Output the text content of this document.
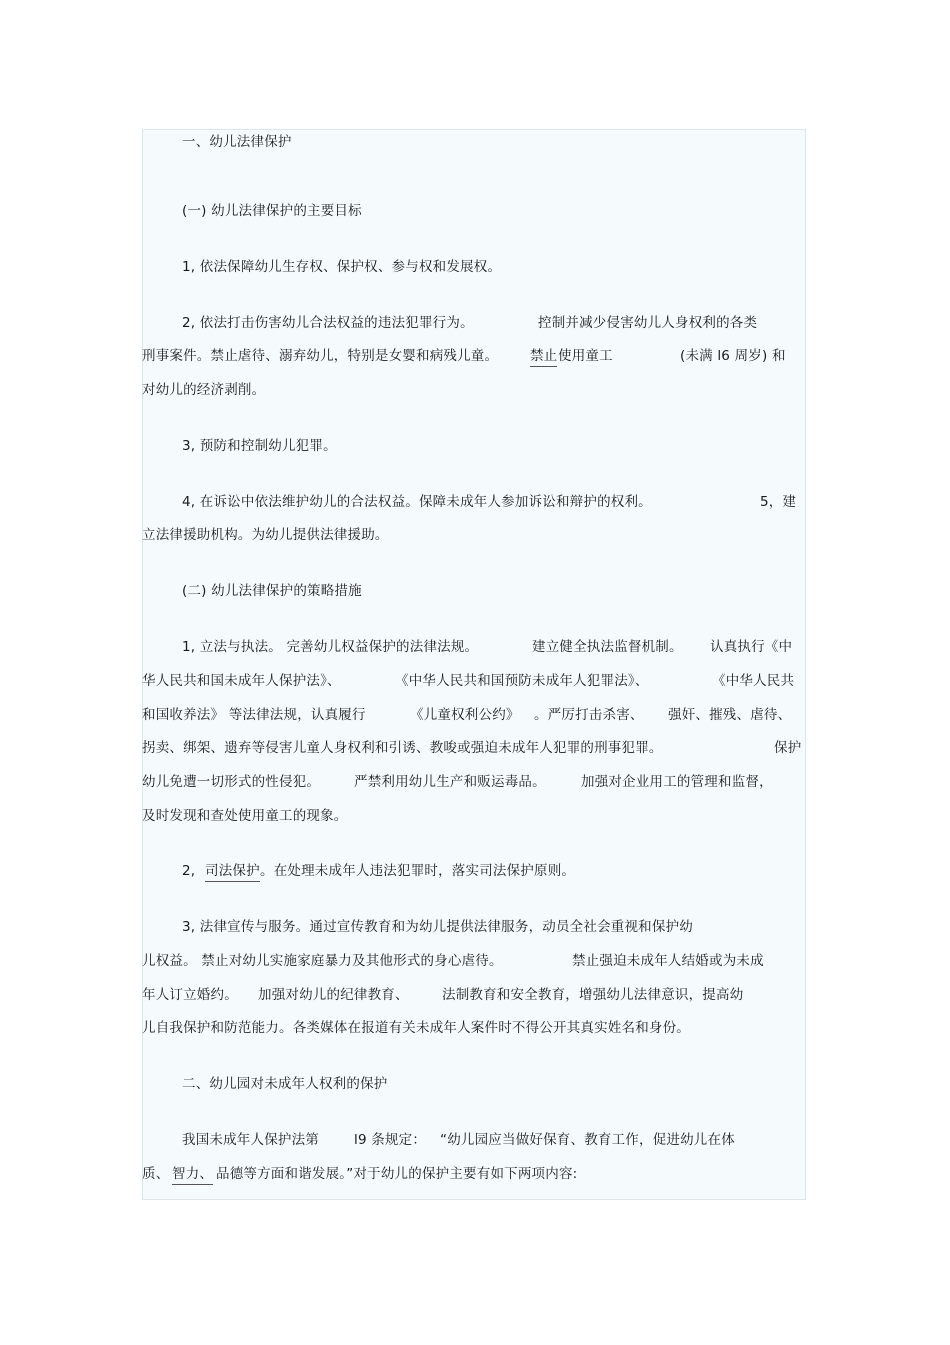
一、幼儿法律保护
(一) 幼儿法律保护的主要目标
1, 依法保障幼儿生存权、保护权、参与权和发展权。
2, 依法打击伤害幼儿合法权益的违法犯罪行为。	控制并减少侵害幼儿人身权利的各类
刑事案件。禁止虐待、溺弃幼儿，特别是女婴和病残儿童。 禁止 使用童工	(未满 l6 周岁) 和
对幼儿的经济剥削。
3, 预防和控制幼儿犯罪。
4, 在诉讼中依法维护幼儿的合法权益。保障未成年人参加诉讼和辩护的权利。	5，建
立法律援助机构。为幼儿提供法律援助。
(二) 幼儿法律保护的策略措施
1, 立法与执法。 完善幼儿权益保护的法律法规。	建立健全执法监督机制。 认真执行《中
华人民共和国未成年人保护法》、	《中华人民共和国预防未成年人犯罪法》、	《中华人民共
和国收养法》 等法律法规，认真履行	《儿童权利公约》 。严厉打击杀害、 强奸、摧残、虐待、
拐卖、绑架、遗弃等侵害儿童人身权利和引诱、教唆或强迫未成年人犯罪的刑事犯罪。	保护
幼儿免遭一切形式的性侵犯。	严禁利用幼儿生产和贩运毒品。	加强对企业用工的管理和监督，
及时发现和查处使用童工的现象。
2, 司法保护 。在处理未成年人违法犯罪时，落实司法保护原则。
3, 法律宣传与服务。通过宣传教育和为幼儿提供法律服务，动员全社会重视和保护幼
儿权益。 禁止对幼儿实施家庭暴力及其他形式的身心虐待。	禁止强迫未成年人结婚或为未成
年人订立婚约。 加强对幼儿的纪律教育、 法制教育和安全教育，增强幼儿法律意识，提高幼
儿自我保护和防范能力。各类媒体在报道有关未成年人案件时不得公开其真实姓名和身份。
二、幼儿园对未成年人权利的保护
我国未成年人保护法第	l9 条规定： “幼儿园应当做好保育、教育工作，促进幼儿在体
质、 智力、 品德等方面和谐发展。”对于幼儿的保护主要有如下两项内容:
